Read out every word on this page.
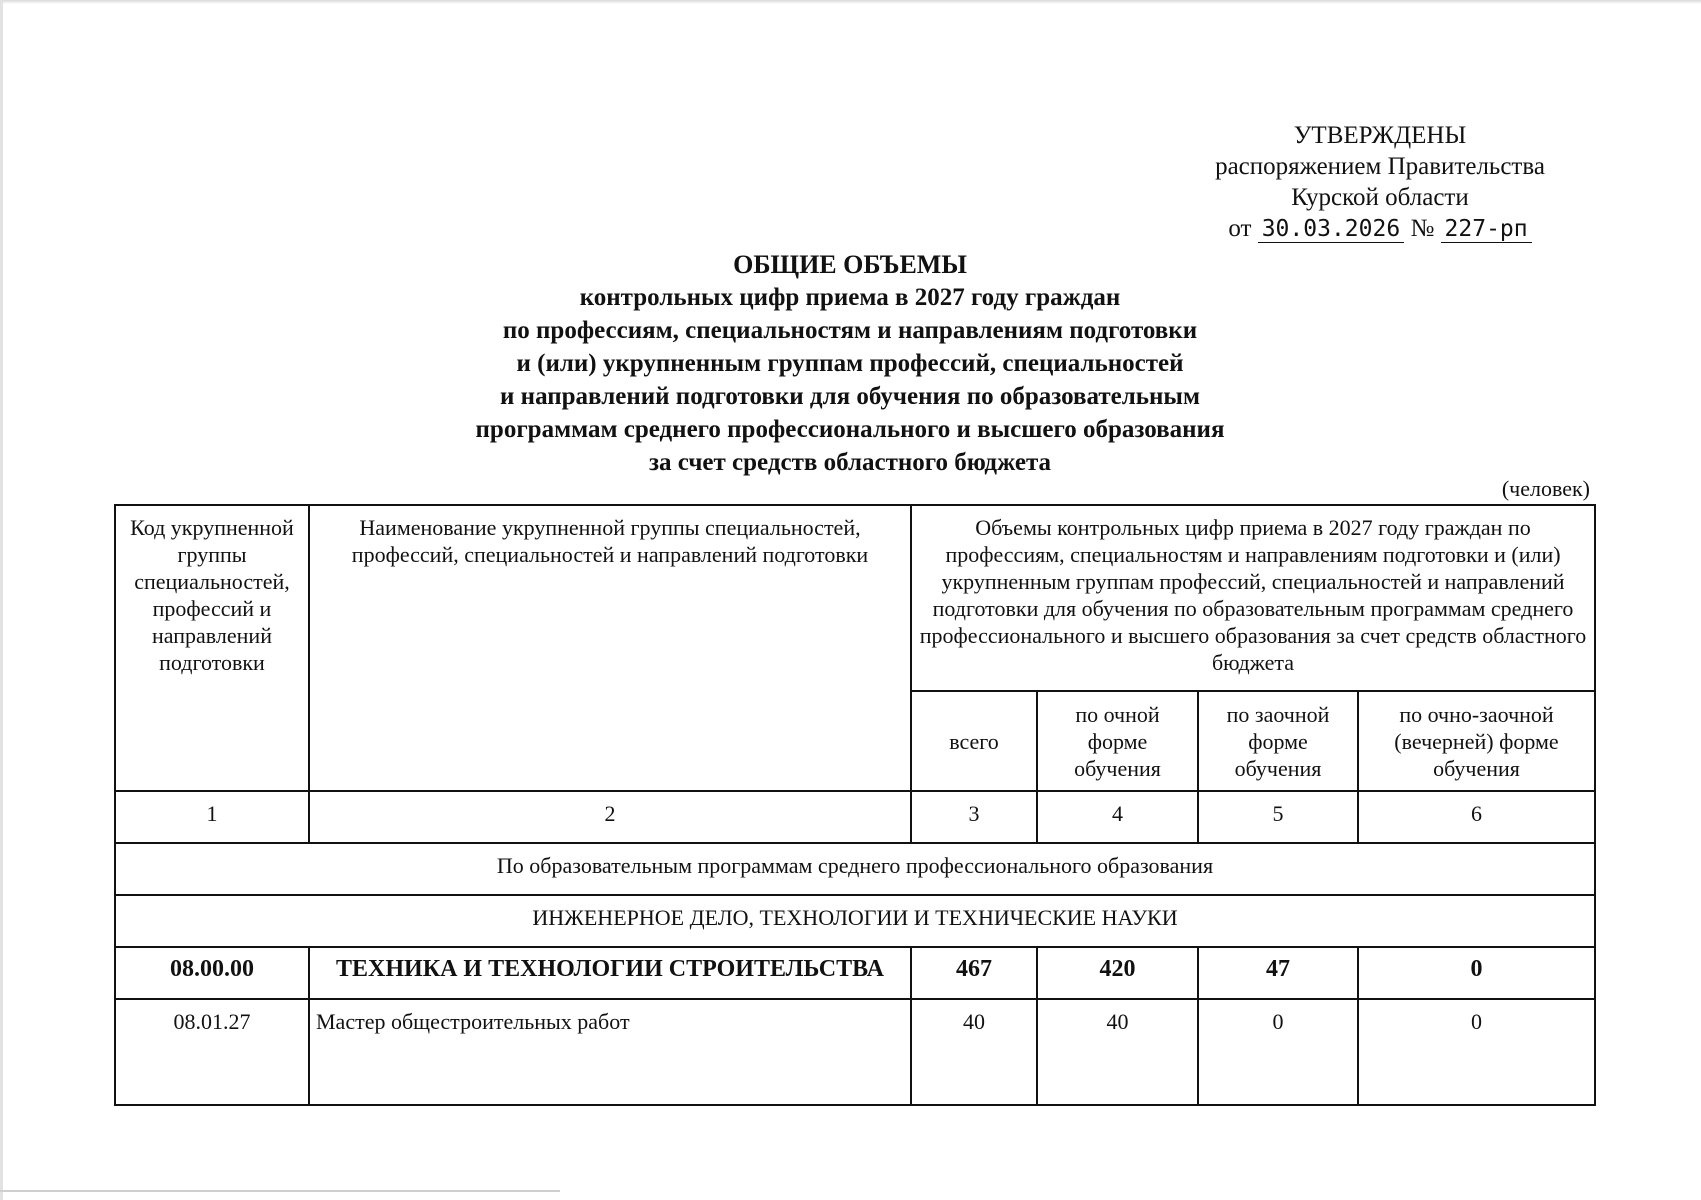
УТВЕРЖДЕНЫ
распоряжением Правительства
Курской области
от 30.03.2026 № 227-рп
ОБЩИЕ ОБЪЕМЫ
контрольных цифр приема в 2027 году граждан
по профессиям, специальностям и направлениям подготовки
и (или) укрупненным группам профессий, специальностей
и направлений подготовки для обучения по образовательным
программам среднего профессионального и высшего образования
за счет средств областного бюджета
(человек)
Код укрупненной группы специальностей, профессий и направлений подготовки	Наименование укрупненной группы специальностей, профессий, специальностей и направлений подготовки	Объемы контрольных цифр приема в 2027 году граждан по профессиям, специальностям и направлениям подготовки и (или) укрупненным группам профессий, специальностей и направлений подготовки для обучения по образовательным программам среднего профессионального и высшего образования за счет средств областного бюджета			
		всего	по очной форме обучения	по заочной форме обучения	по очно-заочной (вечерней) форме обучения
1	2	3	4	5	6
По образовательным программам среднего профессионального образования					
ИНЖЕНЕРНОЕ ДЕЛО, ТЕХНОЛОГИИ И ТЕХНИЧЕСКИЕ НАУКИ					
08.00.00	ТЕХНИКА И ТЕХНОЛОГИИ СТРОИТЕЛЬСТВА	467	420	47	0
08.01.27	Мастер общестроительных работ	40	40	0	0
